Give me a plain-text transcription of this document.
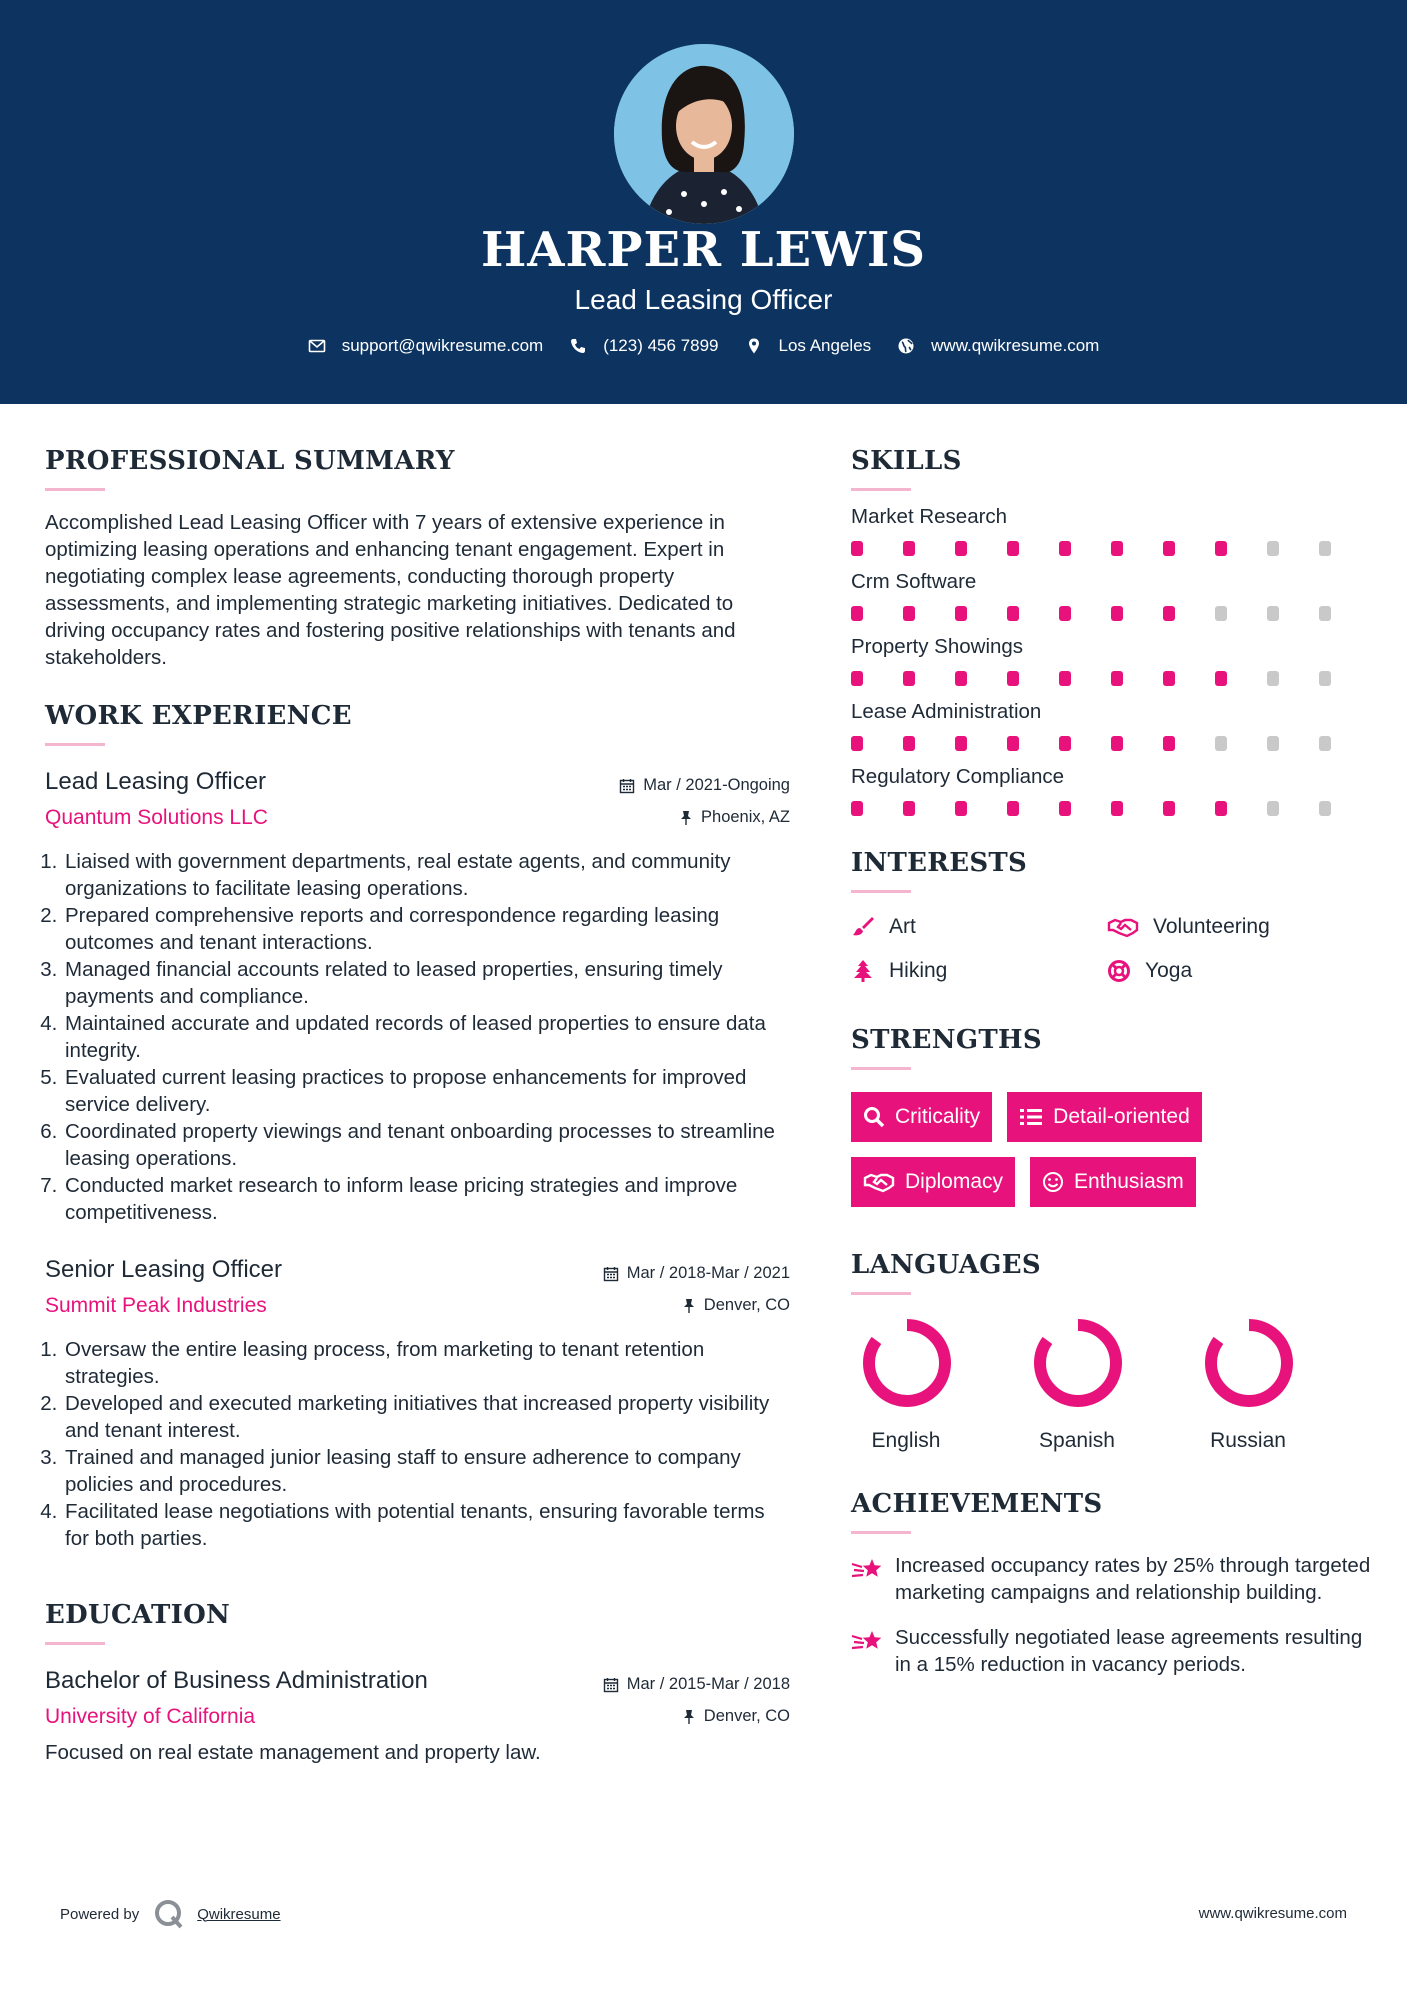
HARPER LEWIS
Lead Leasing Officer
support@qwikresume.com	(123) 456 7899	Los Angeles	www.qwikresume.com
PROFESSIONAL SUMMARY

Accomplished Lead Leasing Officer with 7 years of extensive experience in optimizing leasing operations and enhancing tenant engagement. Expert in negotiating complex lease agreements, conducting thorough property assessments, and implementing strategic marketing initiatives. Dedicated to driving occupancy rates and fostering positive relationships with tenants and stakeholders.

WORK EXPERIENCE
Mar / 2021-Ongoing
Phoenix, AZ
Lead Leasing Officer
Quantum Solutions LLC
1. Liaised with government departments, real estate agents, and community organizations to facilitate leasing operations.
2. Prepared comprehensive reports and correspondence regarding leasing outcomes and tenant interactions.
3. Managed financial accounts related to leased properties, ensuring timely payments and compliance.
4. Maintained accurate and updated records of leased properties to ensure data integrity.
5. Evaluated current leasing practices to propose enhancements for improved service delivery.
6. Coordinated property viewings and tenant onboarding processes to streamline leasing operations.
7. Conducted market research to inform lease pricing strategies and improve competitiveness.
Mar / 2018-Mar / 2021
Denver, CO
Senior Leasing Officer
Summit Peak Industries
1. Oversaw the entire leasing process, from marketing to tenant retention strategies.
2. Developed and executed marketing initiatives that increased property visibility and tenant interest.
3. Trained and managed junior leasing staff to ensure adherence to company policies and procedures.
4. Facilitated lease negotiations with potential tenants, ensuring favorable terms for both parties.
EDUCATION
Mar / 2015-Mar / 2018
Denver, CO
Bachelor of Business Administration
University of California

Focused on real estate management and property law.

SKILLS
Market Research
Crm Software
Property Showings
Lease Administration
Regulatory Compliance
INTERESTS
Art	Volunteering
Hiking	Yoga
STRENGTHS
Criticality	Detail-oriented
Diplomacy	Enthusiasm
LANGUAGES
English	Spanish	Russian
ACHIEVEMENTS
Increased occupancy rates by 25% through targeted marketing campaigns and relationship building.
Successfully negotiated lease agreements resulting in a 15% reduction in vacancy periods.
Powered by	Qwikresume	www.qwikresume.com
